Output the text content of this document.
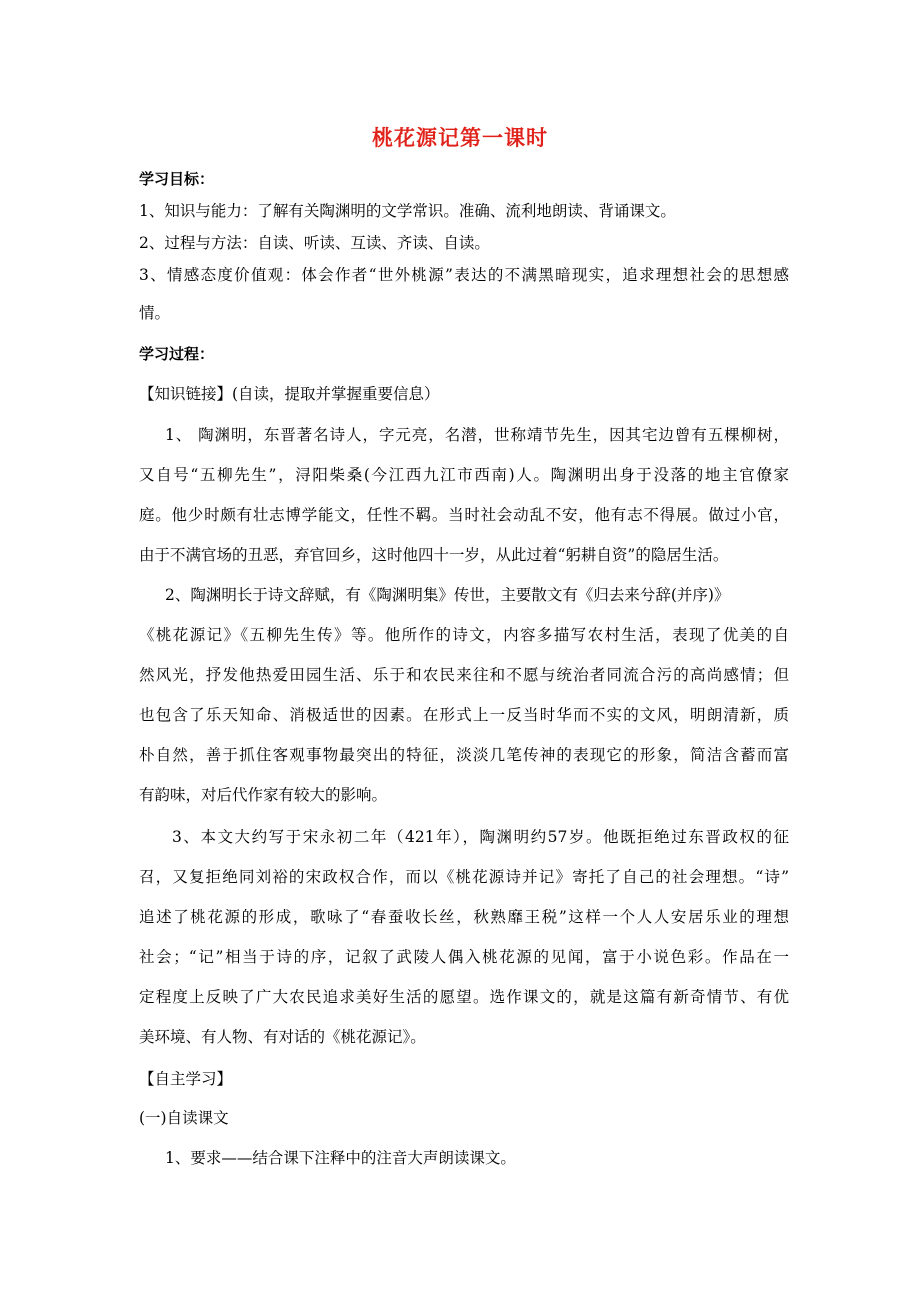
桃花源记第一课时
学习目标：
1、知识与能力：了解有关陶渊明的文学常识。准确、流利地朗读、背诵课文。
2、过程与方法：自读、听读、互读、齐读、自读。
3、情感态度价值观：体会作者“世外桃源”表达的不满黑暗现实，追求理想社会的思想感
情。
学习过程：
【知识链接】(自读，提取并掌握重要信息）
1、 陶渊明，东晋著名诗人，字元亮，名潜，世称靖节先生，因其宅边曾有五棵柳树，
又自号“五柳先生”，浔阳柴桑(今江西九江市西南)人。陶渊明出身于没落的地主官僚家
庭。他少时颇有壮志博学能文，任性不羁。当时社会动乱不安，他有志不得展。做过小官，
由于不满官场的丑恶，弃官回乡，这时他四十一岁，从此过着“躬耕自资”的隐居生活。
2、陶渊明长于诗文辞赋，有《陶渊明集》传世，主要散文有《归去来兮辞(并序)》
《桃花源记》《五柳先生传》等。他所作的诗文，内容多描写农村生活，表现了优美的自
然风光，抒发他热爱田园生活、乐于和农民来往和不愿与统治者同流合污的高尚感情；但
也包含了乐天知命、消极适世的因素。在形式上一反当时华而不实的文风，明朗清新，质
朴自然，善于抓住客观事物最突出的特征，淡淡几笔传神的表现它的形象，简洁含蓄而富
有韵味，对后代作家有较大的影响。
3、本文大约写于宋永初二年（421年），陶渊明约57岁。他既拒绝过东晋政权的征
召，又复拒绝同刘裕的宋政权合作，而以《桃花源诗并记》寄托了自己的社会理想。“诗”
追述了桃花源的形成，歌咏了“春蚕收长丝，秋熟靡王税”这样一个人人安居乐业的理想
社会；“记”相当于诗的序，记叙了武陵人偶入桃花源的见闻，富于小说色彩。作品在一
定程度上反映了广大农民追求美好生活的愿望。选作课文的，就是这篇有新奇情节、有优
美环境、有人物、有对话的《桃花源记》。
【自主学习】
(一)自读课文
1、要求——结合课下注释中的注音大声朗读课文。
